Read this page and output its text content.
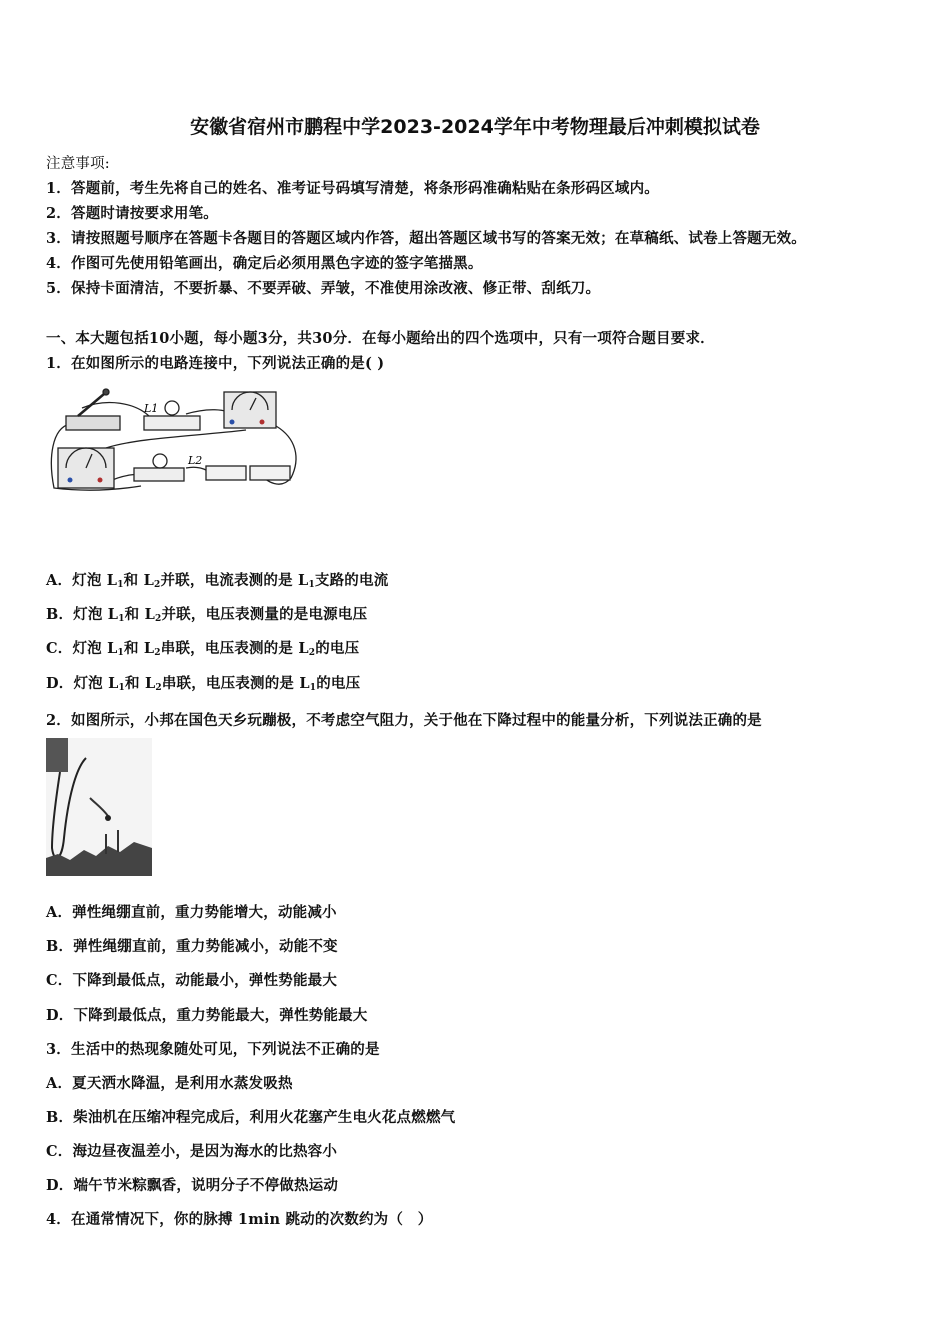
安徽省宿州市鹏程中学2023-2024学年中考物理最后冲刺模拟试卷
注意事项:
1．答题前，考生先将自己的姓名、准考证号码填写清楚，将条形码准确粘贴在条形码区域内。
2．答题时请按要求用笔。
3．请按照题号顺序在答题卡各题目的答题区域内作答，超出答题区域书写的答案无效；在草稿纸、试卷上答题无效。
4．作图可先使用铅笔画出，确定后必须用黑色字迹的签字笔描黑。
5．保持卡面清洁，不要折暴、不要弄破、弄皱，不准使用涂改液、修正带、刮纸刀。
一、本大题包括10小题，每小题3分，共30分．在每小题给出的四个选项中，只有一项符合题目要求．
1．在如图所示的电路连接中，下列说法正确的是( )
L1
L2
A．灯泡 $L_1$和 $L_2$并联，电流表测的是 $L_1$支路的电流
B．灯泡 $L_1$和 $L_2$并联，电压表测量的是电源电压
C．灯泡 $L_1$和 $L_2$串联，电压表测的是 $L_2$的电压
D．灯泡 $L_1$和 $L_2$串联，电压表测的是 $L_1$的电压
2．如图所示，小邦在国色天乡玩蹦极，不考虑空气阻力，关于他在下降过程中的能量分析，下列说法正确的是
A．弹性绳绷直前，重力势能增大，动能减小
B．弹性绳绷直前，重力势能减小，动能不变
C．下降到最低点，动能最小，弹性势能最大
D．下降到最低点，重力势能最大，弹性势能最大
3．生活中的热现象随处可见，下列说法不正确的是
A．夏天洒水降温，是利用水蒸发吸热
B．柴油机在压缩冲程完成后，利用火花塞产生电火花点燃燃气
C．海边昼夜温差小，是因为海水的比热容小
D．端午节米粽飘香，说明分子不停做热运动
4．在通常情况下，你的脉搏 1min 跳动的次数约为（　）
